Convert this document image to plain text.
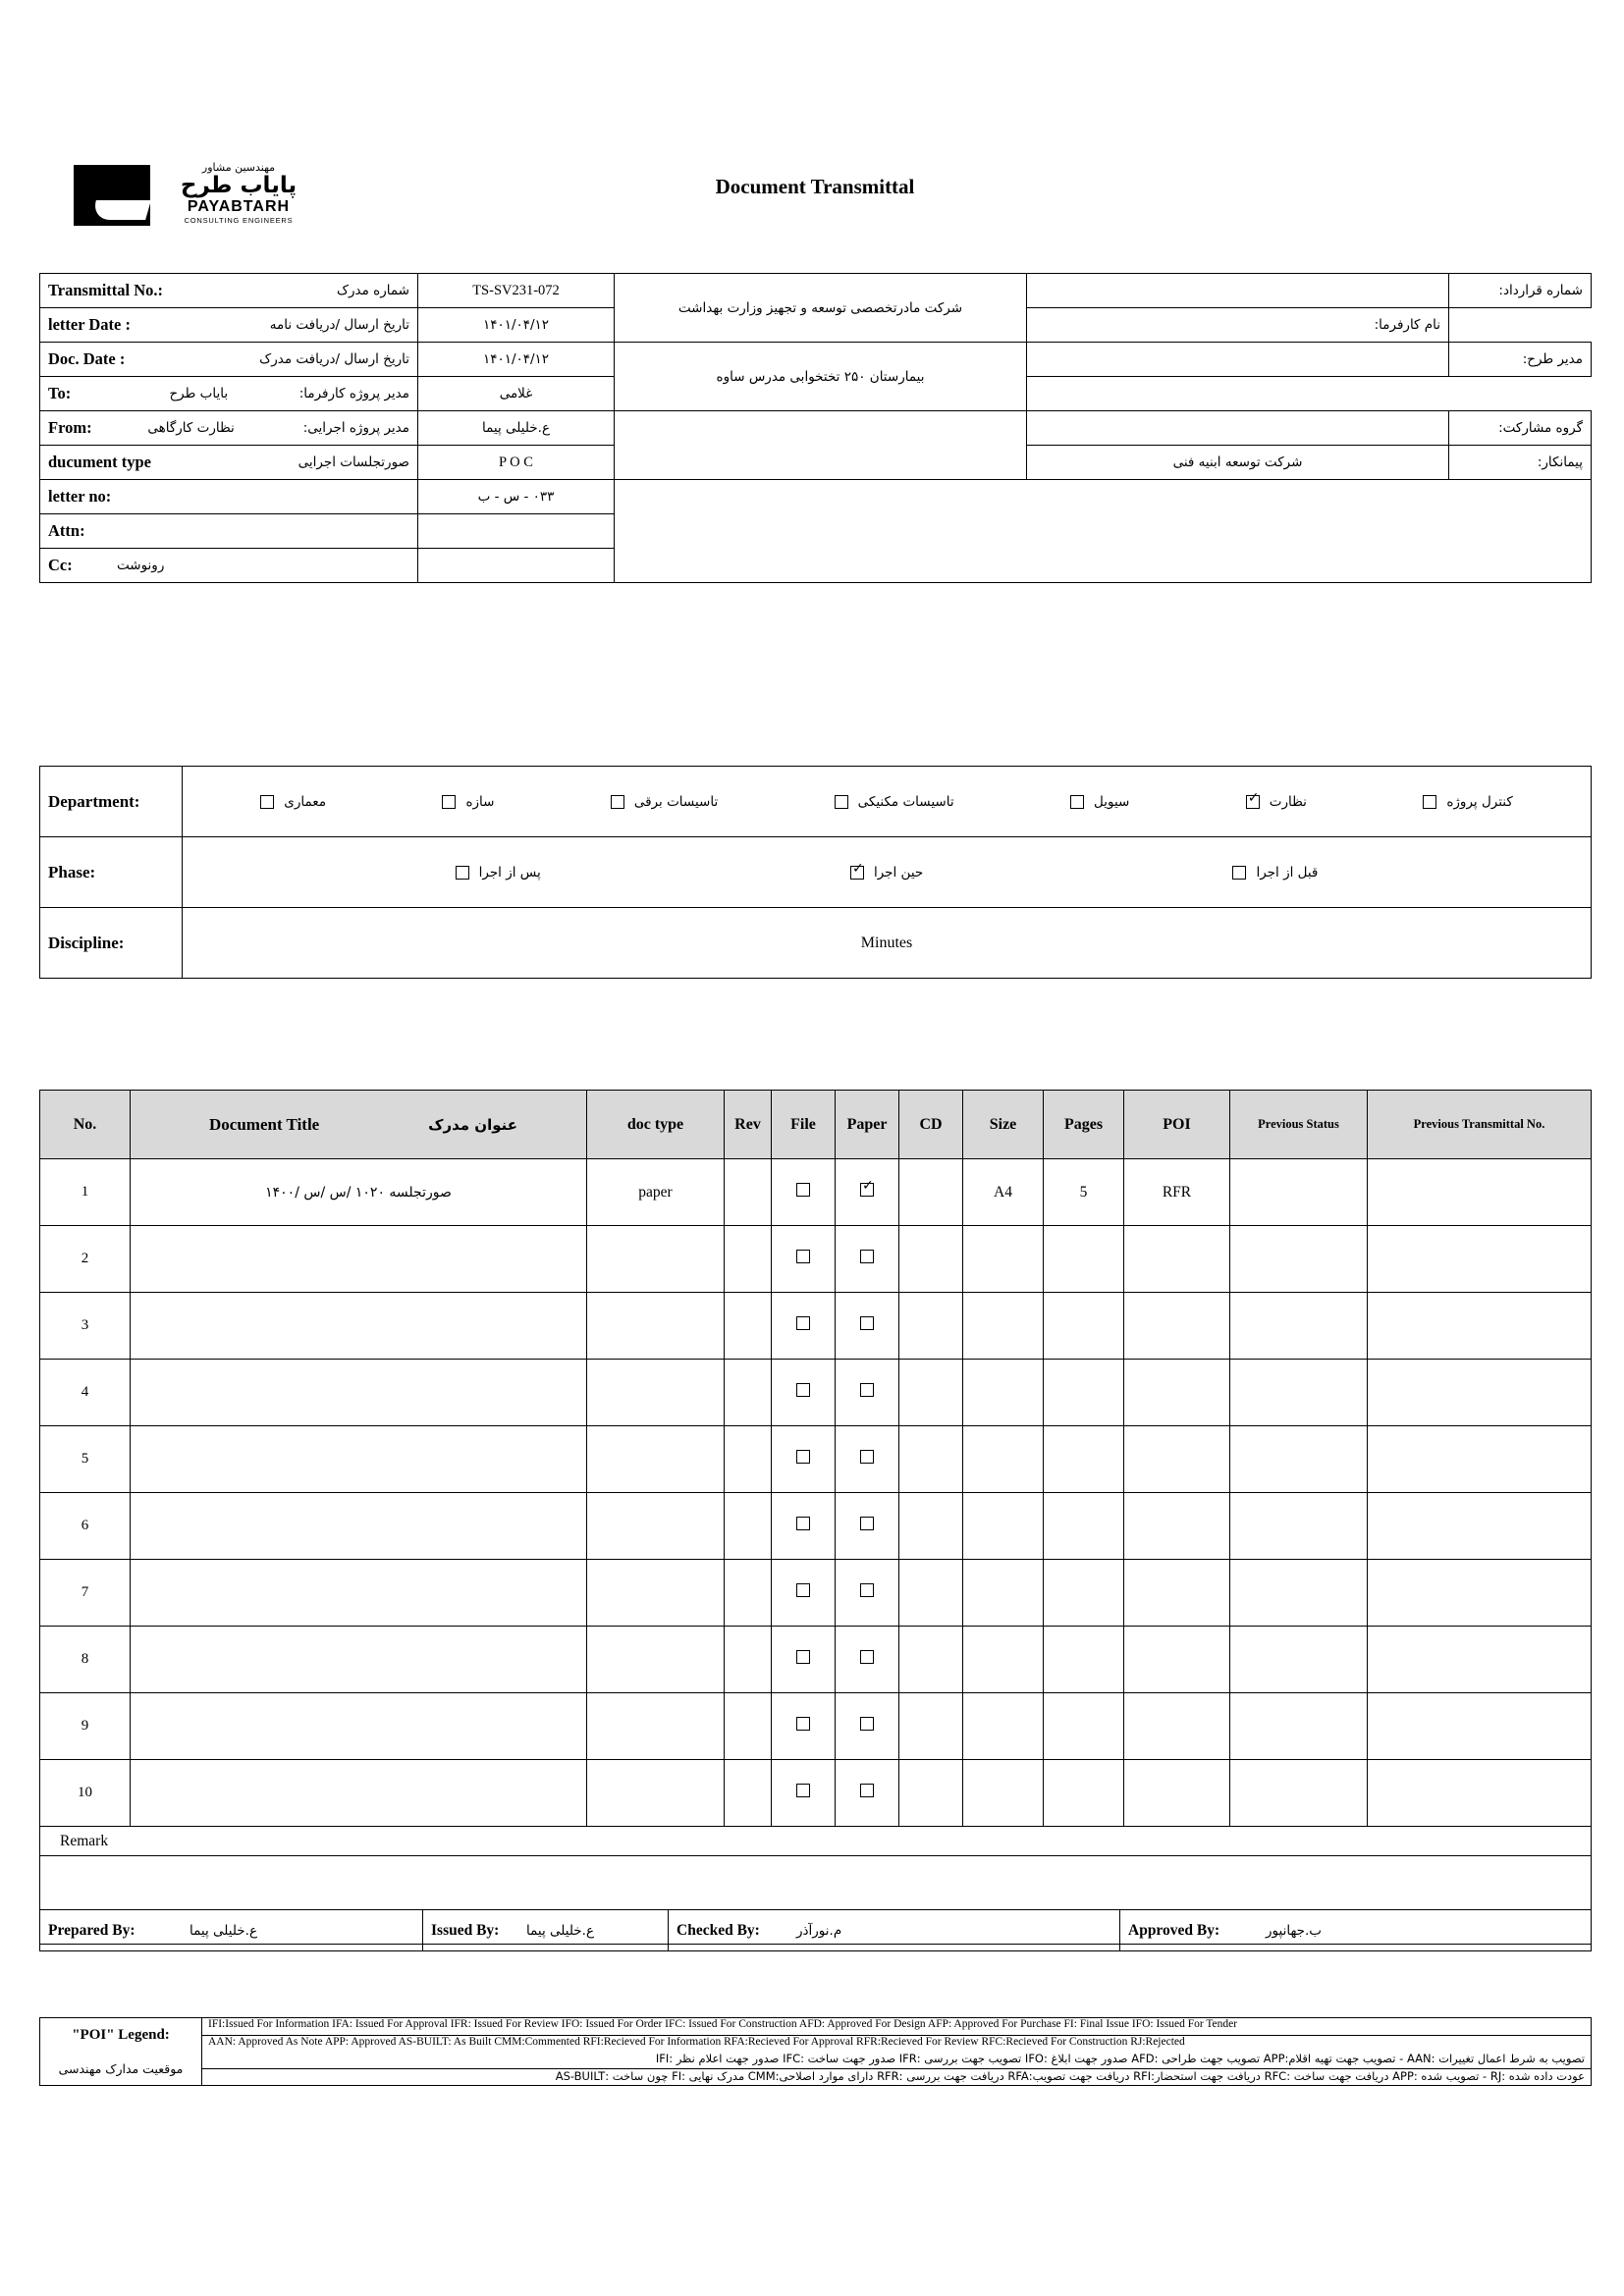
مهندسین مشاور
پایاب طرح
PAYABTARH
CONSULTING ENGINEERS
Document Transmittal
Transmittal No.: شماره مدرک	TS-SV231-072	شرکت مادرتخصصی توسعه و تجهیز وزارت بهداشت		شماره قرارداد:

letter Date : تاریخ ارسال /دریافت نامه	۱۴۰۱/۰۴/۱۲		نام کارفرما:	

Doc. Date : تاریخ ارسال /دریافت مدرک	۱۴۰۱/۰۴/۱۲	بیمارستان ۲۵۰ تختخوابی مدرس ساوه		مدیر طرح:

To: بایاب طرح مدیر پروژه کارفرما:	غلامی			

From: نظارت کارگاهی مدیر پروژه اجرایی:	ع.خلیلی پیما			گروه مشارکت:

ducument type صورتجلسات اجرایی	P O C		شرکت توسعه ابنیه فنی	پیمانکار:
letter no:	۰۳۳ - س - ب			
Attn:				

Cc: رونوشت				

Department:	معماری	سازه	تاسیسات برقی	تاسیسات مکنیکی	سیویل	نظارت ✓	کنترل پروژه

Phase:	پس از اجرا حین اجرا ✓ قبل از اجرا

Discipline:	Minutes
No.	Document Title عنوان مدرک	doc type	Rev	File	Paper	CD	Size	Pages	POI	Previous Status	Previous Transmittal No.

1	صورتجلسه ۱۰۲۰ /س /س /۱۴۰۰	paper			✓		A4	5	RFR		
2											
3											
4											
5											
6											
7											
8											
9											
10											
Remark											

Prepared By:	ع.خلیلی پیما	Issued By: ع.خلیلی پیما	Checked By:	م.نورآذر	Approved By:	ب.جهانپور
"POI" Legend:	IFI:Issued For Information IFA: Issued For Approval IFR: Issued For Review IFO: Issued For Order IFC: Issued For Construction AFD: Approved For Design AFP: Approved For Purchase FI: Final Issue IFO: Issued For Tender
AAN: Approved As Note APP: Approved AS-BUILT: As Built CMM:Commented RFI:Recieved For Information RFA:Recieved For Approval RFR:Recieved For Review RFC:Recieved For Construction RJ:Rejected

موقعیت مدارک مهندسی	تصویب به شرط اعمال تغییرات :AAN - تصویب جهت تهیه اقلام:APP تصویب جهت طراحی :AFD صدور جهت ابلاغ :IFO تصویب جهت بررسی :IFR صدور جهت ساخت :IFC صدور جهت اعلام نظر :IFI
عودت داده شده :RJ - تصویب شده :APP دریافت جهت ساخت :RFC دریافت جهت استحضار:RFI دریافت جهت تصویب:RFA دریافت جهت بررسی :RFR دارای موارد اصلاحی:CMM مدرک نهایی :FI چون ساخت :AS-BUILT
